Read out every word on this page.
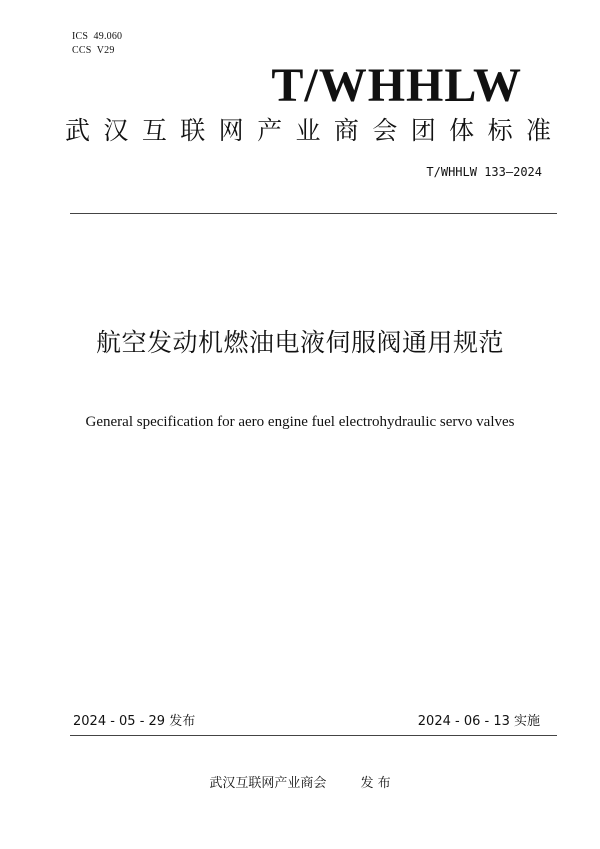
ICS  49.060
CCS  V29
T/WHHLW
武汉互联网产业商会团体标准
T/WHHLW 133—2024
航空发动机燃油电液伺服阀通用规范
General specification for aero engine fuel electrohydraulic servo valves
2024 - 05 - 29 发布	2024 - 06 - 13 实施
武汉互联网产业商会	发 布
